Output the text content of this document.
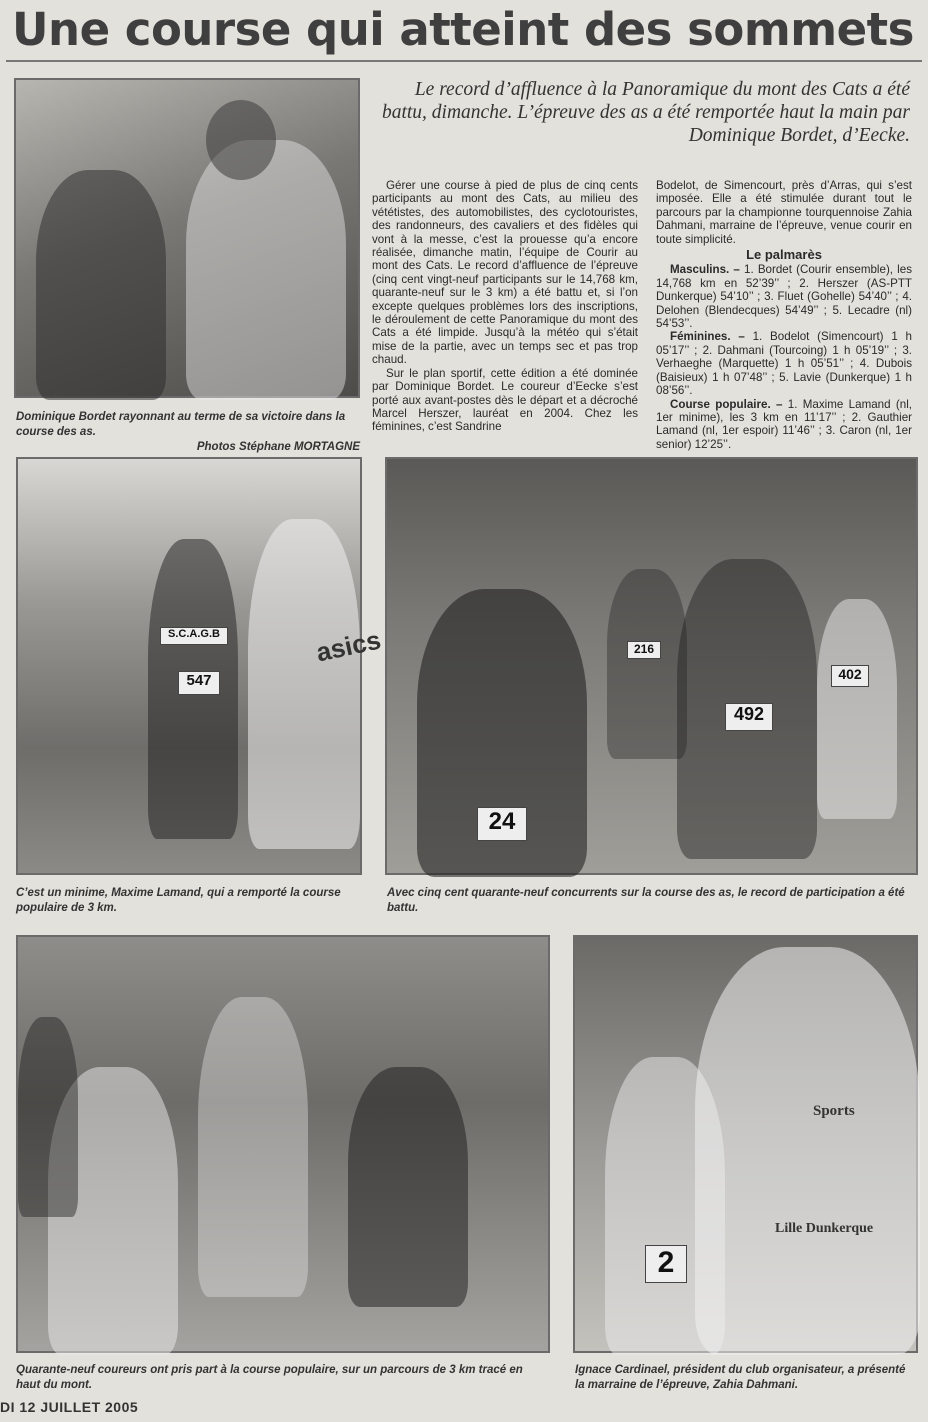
Une course qui atteint des sommets
Dominique Bordet rayonnant au terme de sa victoire dans la course des as.
Photos Stéphane MORTAGNE
Le record d’affluence à la Panoramique du mont des Cats a été battu, dimanche. L’épreuve des as a été remportée haut la main par Dominique Bordet, d’Eecke.

Gérer une course à pied de plus de cinq cents participants au mont des Cats, au milieu des vététistes, des automobilistes, des cyclotouristes, des randonneurs, des cavaliers et des fidèles qui vont à la messe, c’est la prouesse qu’a encore réalisée, dimanche matin, l’équipe de Courir au mont des Cats. Le record d’affluence de l’épreuve (cinq cent vingt-neuf participants sur le 14,768 km, quarante-neuf sur le 3 km) a été battu et, si l’on excepte quelques problèmes lors des inscriptions, le déroulement de cette Panoramique du mont des Cats a été limpide. Jusqu’à la météo qui s’était mise de la partie, avec un temps sec et pas trop chaud.

Sur le plan sportif, cette édition a été dominée par Dominique Bordet. Le coureur d’Eecke s’est porté aux avant-postes dès le départ et a décroché Marcel Herszer, lauréat en 2004. Chez les féminines, c’est Sandrine

Bodelot, de Simencourt, près d’Arras, qui s’est imposée. Elle a été stimulée durant tout le parcours par la championne tourquennoise Zahia Dahmani, marraine de l’épreuve, venue courir en toute simplicité.

Le palmarès

Masculins. – 1. Bordet (Courir ensemble), les 14,768 km en 52’39’’ ; 2. Herszer (AS-PTT Dunkerque) 54’10’’ ; 3. Fluet (Gohelle) 54’40’’ ; 4. Delohen (Blendecques) 54’49’’ ; 5. Lecadre (nl) 54’53’’.

Féminines. – 1. Bodelot (Simencourt) 1 h 05’17’’ ; 2. Dahmani (Tourcoing) 1 h 05’19’’ ; 3. Verhaeghe (Marquette) 1 h 05’51’’ ; 4. Dubois (Baisieux) 1 h 07’48’’ ; 5. Lavie (Dunkerque) 1 h 08’56’’.

Course populaire. – 1. Maxime Lamand (nl, 1er minime), les 3 km en 11’17’’ ; 2. Gauthier Lamand (nl, 1er espoir) 11’46’’ ; 3. Caron (nl, 1er senior) 12’25’’.

S.C.A.G.B
547
asics
C’est un minime, Maxime Lamand, qui a remporté la course populaire de 3 km.
24
492
216
402
Avec cinq cent quarante-neuf concurrents sur la course des as, le record de participation a été battu.
Quarante-neuf coureurs ont pris part à la course populaire, sur un parcours de 3 km tracé en haut du mont.
2
Sports
Lille Dunkerque
Ignace Cardinael, président du club organisateur, a présenté la marraine de l’épreuve, Zahia Dahmani.
DI 12 JUILLET 2005
